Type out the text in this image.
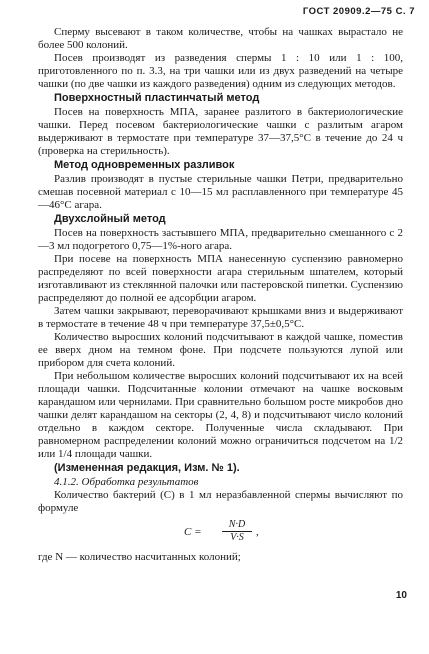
ГОСТ 20909.2—75 С. 7

Сперму высевают в таком количестве, чтобы на чашках вырастало не более 500 колоний.

Посев производят из разведения спермы 1 : 10 или 1 : 100, приготовленного по п. 3.3, на три чашки или из двух разведений на четыре чашки (по две чашки из каждого разведения) одним из следующих методов.

Поверхностный пластинчатый метод

Посев на поверхность МПА, заранее разлитого в бактериологические чашки. Перед посевом бактериологические чашки с разлитым агаром выдерживают в термостате при температуре 37—37,5°С в течение до 24 ч (проверка на стерильность).

Метод одновременных разливок

Разлив производят в пустые стерильные чашки Петри, предварительно смешав посевной материал с 10—15 мл расплавленного при температуре 45—46°С агара.

Двухслойный метод

Посев на поверхность застывшего МПА, предварительно смешанного с 2—3 мл подогретого 0,75—1%-ного агара.

При посеве на поверхность МПА нанесенную суспензию равномерно распределяют по всей поверхности агара стерильным шпателем, который изготавливают из стеклянной палочки или пастеровской пипетки. Суспензию распределяют до полной ее адсорбции агаром.

Затем чашки закрывают, переворачивают крышками вниз и выдерживают в термостате в течение 48 ч при температуре 37,5±0,5°С.

Количество выросших колоний подсчитывают в каждой чашке, поместив ее вверх дном на темном фоне. При подсчете пользуются лупой или прибором для счета колоний.

При небольшом количестве выросших колоний подсчитывают их на всей площади чашки. Подсчитанные колонии отмечают на чашке восковым карандашом или чернилами. При сравнительно большом росте микробов дно чашки делят карандашом на секторы (2, 4, 8) и подсчитывают число колоний отдельно в каждом секторе. Полученные числа складывают. При равномерном распределении колоний можно ограничиться подсчетом на 1/2 или 1/4 площади чашки.

(Измененная редакция, Изм. № 1).

4.1.2. Обработка результатов

Количество бактерий (С) в 1 мл неразбавленной спермы вычисляют по формуле

$C = \frac{N\cdot D}{V\cdot S}$ ,

где N — количество насчитанных колоний;

10
